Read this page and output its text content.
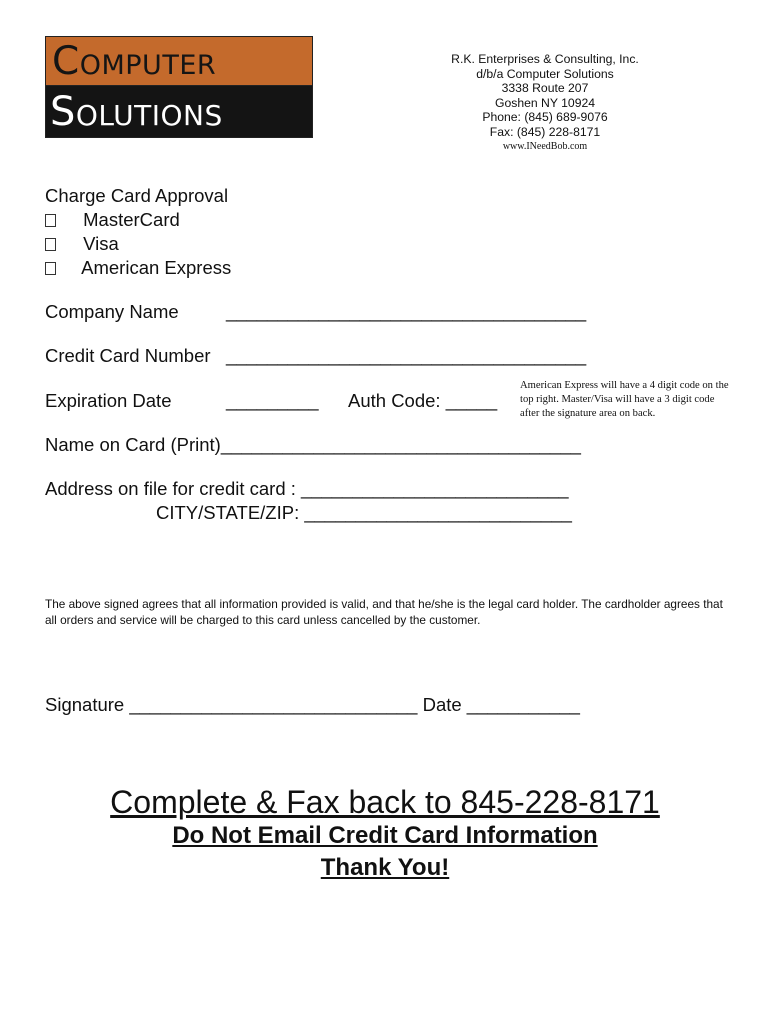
Computer
Solutions
R.K. Enterprises & Consulting, Inc.
d/b/a Computer Solutions
3338 Route 207
Goshen NY 10924
Phone: (845) 689-9076
Fax: (845) 228-8171
www.INeedBob.com
Charge Card Approval
MasterCard
Visa
American Express
Company Name	___________________________________
Credit Card Number ___________________________________
Expiration Date	_________ Auth Code: _____
American Express will have a 4 digit code on the top right. Master/Visa will have a 3 digit code after the signature area on back.
Name on Card (Print)___________________________________
Address on file for credit card : __________________________
CITY/STATE/ZIP: __________________________
The above signed agrees that all information provided is valid, and that he/she is the legal card holder. The cardholder agrees that all orders and service will be charged to this card unless cancelled by the customer.
Signature ____________________________ Date ___________
Complete & Fax back to 845-228-8171
Do Not Email Credit Card Information
Thank You!
